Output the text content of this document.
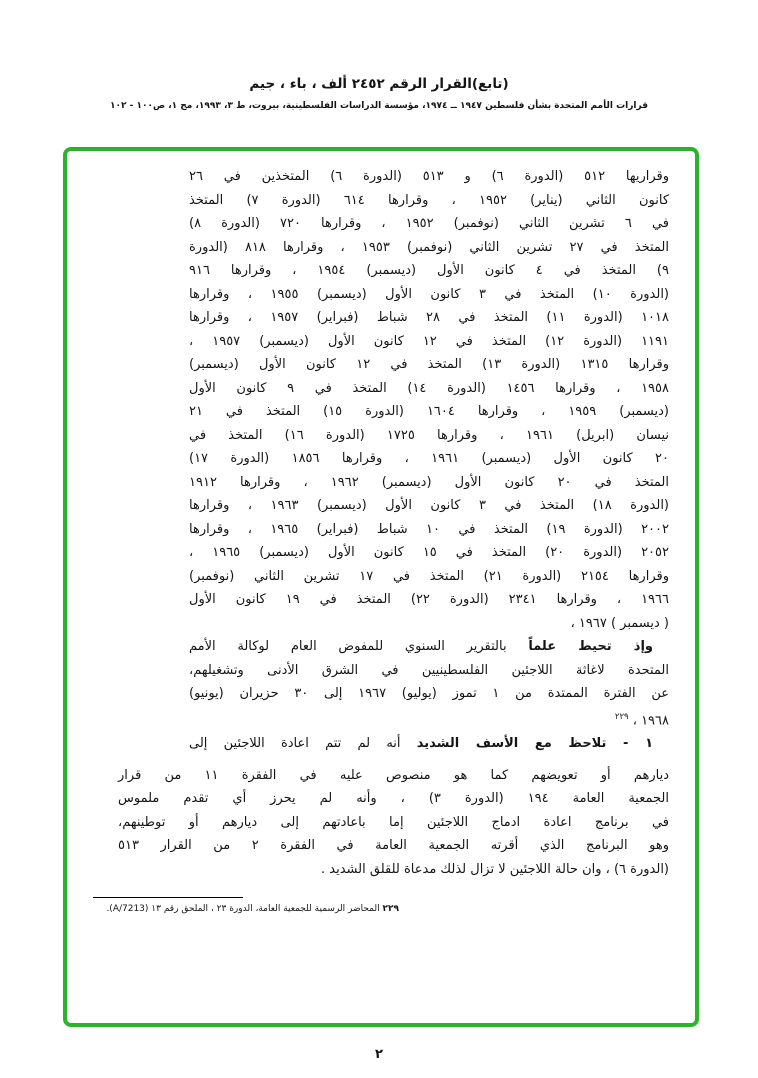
(تابع)القرار الرقم ٢٤٥٢ ألف ، باء ، جيم
قرارات الأمم المتحدة بشأن فلسطين ١٩٤٧ ــ ١٩٧٤، مؤسسة الدراسات الفلسطينية، بيروت، ط ٣، ١٩٩٣، مج ١، ص١٠٠ - ١٠٢
وقراريها ٥١٢ (الدورة ٦) و ٥١٣ (الدورة ٦) المتخذين في ٢٦
كانون الثاني (يناير) ١٩٥٢ ، وقرارها ٦١٤ (الدورة ٧) المتخذ
في ٦ تشرين الثاني (نوفمبر) ١٩٥٢ ، وقرارها ٧٢٠ (الدورة ٨)
المتخذ في ٢٧ تشرين الثاني (نوفمبر) ١٩٥٣ ، وقرارها ٨١٨ (الدورة
٩) المتخذ في ٤ كانون الأول (ديسمبر) ١٩٥٤ ، وقرارها ٩١٦
(الدورة ١٠) المتخذ في ٣ كانون الأول (ديسمبر) ١٩٥٥ ، وقرارها
١٠١٨ (الدورة ١١) المتخذ في ٢٨ شباط (فبراير) ١٩٥٧ ، وقرارها
١١٩١ (الدورة ١٢) المتخذ في ١٢ كانون الأول (ديسمبر) ١٩٥٧ ،
وقرارها ١٣١٥ (الدورة ١٣) المتخذ في ١٢ كانون الأول (ديسمبر)
١٩٥٨ ، وقرارها ١٤٥٦ (الدورة ١٤) المتخذ في ٩ كانون الأول
(ديسمبر) ١٩٥٩ ، وقرارها ١٦٠٤ (الدورة ١٥) المتخذ في ٢١
نيسان (ابريل) ١٩٦١ ، وقرارها ١٧٢٥ (الدورة ١٦) المتخذ في
٢٠ كانون الأول (ديسمبر) ١٩٦١ ، وقرارها ١٨٥٦ (الدورة ١٧)
المتخذ في ٢٠ كانون الأول (ديسمبر) ١٩٦٢ ، وقرارها ١٩١٢
(الدورة ١٨) المتخذ في ٣ كانون الأول (ديسمبر) ١٩٦٣ ، وقرارها
٢٠٠٢ (الدورة ١٩) المتخذ في ١٠ شباط (فبراير) ١٩٦٥ ، وقرارها
٢٠٥٢ (الدورة ٢٠) المتخذ في ١٥ كانون الأول (ديسمبر) ١٩٦٥ ،
وقرارها ٢١٥٤ (الدورة ٢١) المتخذ في ١٧ تشرين الثاني (نوفمبر)
١٩٦٦ ، وقرارها ٢٣٤١ (الدورة ٢٢) المتخذ في ١٩ كانون الأول
( ديسمبر ) ١٩٦٧ ،
وإذ تحيط علماً بالتقرير السنوي للمفوض العام لوكالة الأمم
المتحدة لاغاثة اللاجئين الفلسطينيين في الشرق الأدنى وتشغيلهم،
عن الفترة الممتدة من ١ تموز (يوليو) ١٩٦٧ إلى ٣٠ حزيران (يونيو)
١٩٦٨ ، $^{٢٢٩}$
١ - تلاحظ مع الأسف الشديد أنه لم تتم اعادة اللاجئين إلى
ديارهم أو تعويضهم كما هو منصوص عليه في الفقرة ١١ من قرار
الجمعية العامة ١٩٤ (الدورة ٣) ، وأنه لم يحرز أي تقدم ملموس
في برنامج اعادة ادماج اللاجئين إما باعادتهم إلى ديارهم أو توطينهم،
وهو البرنامج الذي أقرته الجمعية العامة في الفقرة ٢ من القرار ٥١٣
(الدورة ٦) ، وان حالة اللاجئين لا تزال لذلك مدعاة للقلق الشديد .
٢٢٩ المحاضر الرسمية للجمعية العامة، الدورة ٢٣ ، الملحق رقم ١٣ (A/7213).
٢
